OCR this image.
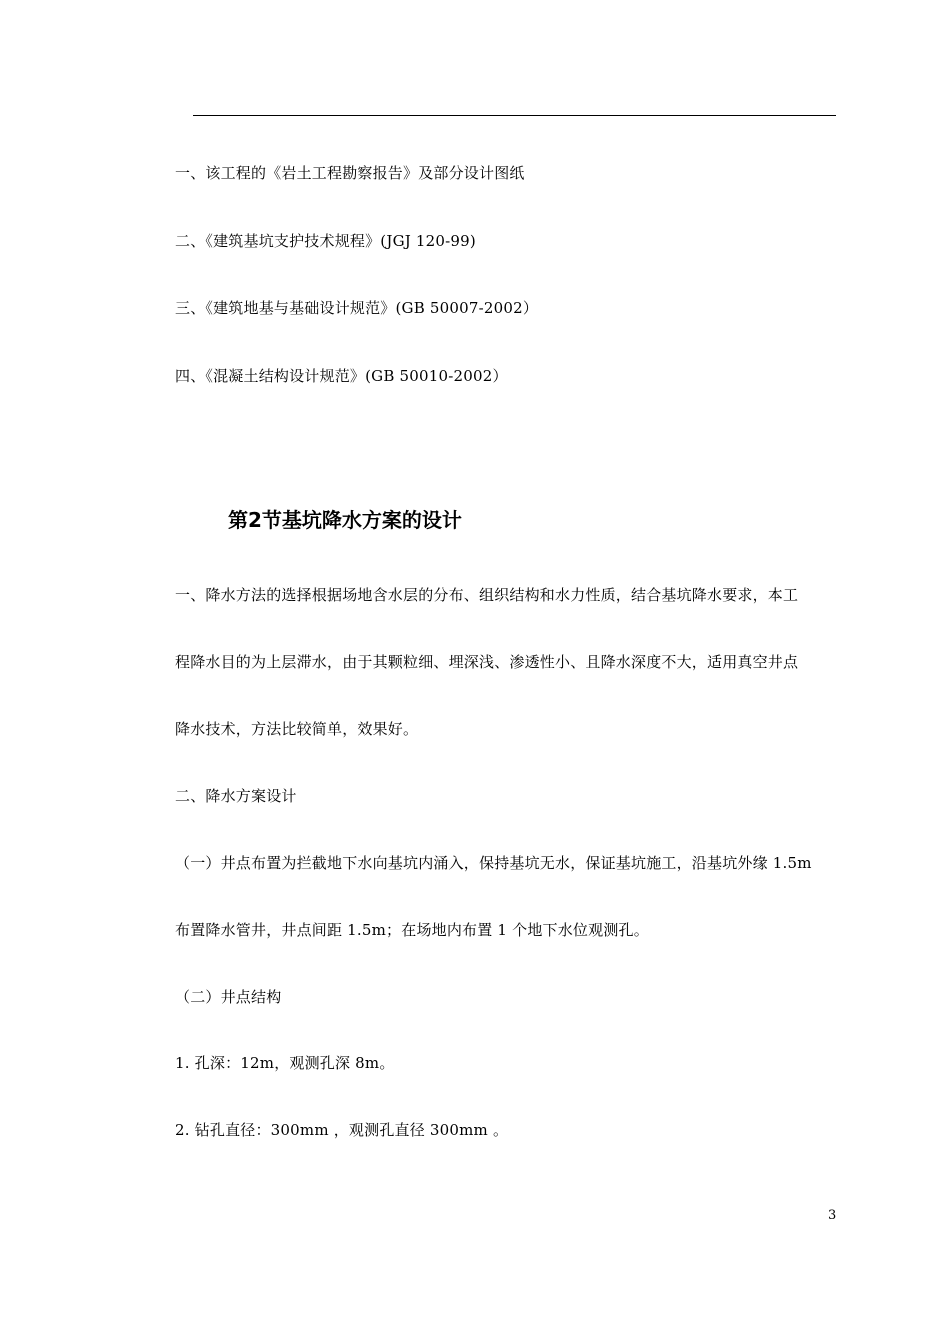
一、该工程的《岩土工程勘察报告》及部分设计图纸
二、《建筑基坑支护技术规程》(JGJ 120-99)
三、《建筑地基与基础设计规范》(GB 50007-2002）
四、《混凝土结构设计规范》(GB 50010-2002）
第2节基坑降水方案的设计
一、降水方法的选择根据场地含水层的分布、组织结构和水力性质，结合基坑降水要求，本工
程降水目的为上层滞水，由于其颗粒细、埋深浅、渗透性小、且降水深度不大，适用真空井点
降水技术，方法比较简单，效果好。
二、降水方案设计
（一）井点布置为拦截地下水向基坑内涌入，保持基坑无水，保证基坑施工，沿基坑外缘 1.5m
布置降水管井，井点间距 1.5m；在场地内布置 1 个地下水位观测孔。
（二）井点结构
1. 孔深：12m，观测孔深 8m。
2. 钻孔直径：300mm ，观测孔直径 300mm 。
3
